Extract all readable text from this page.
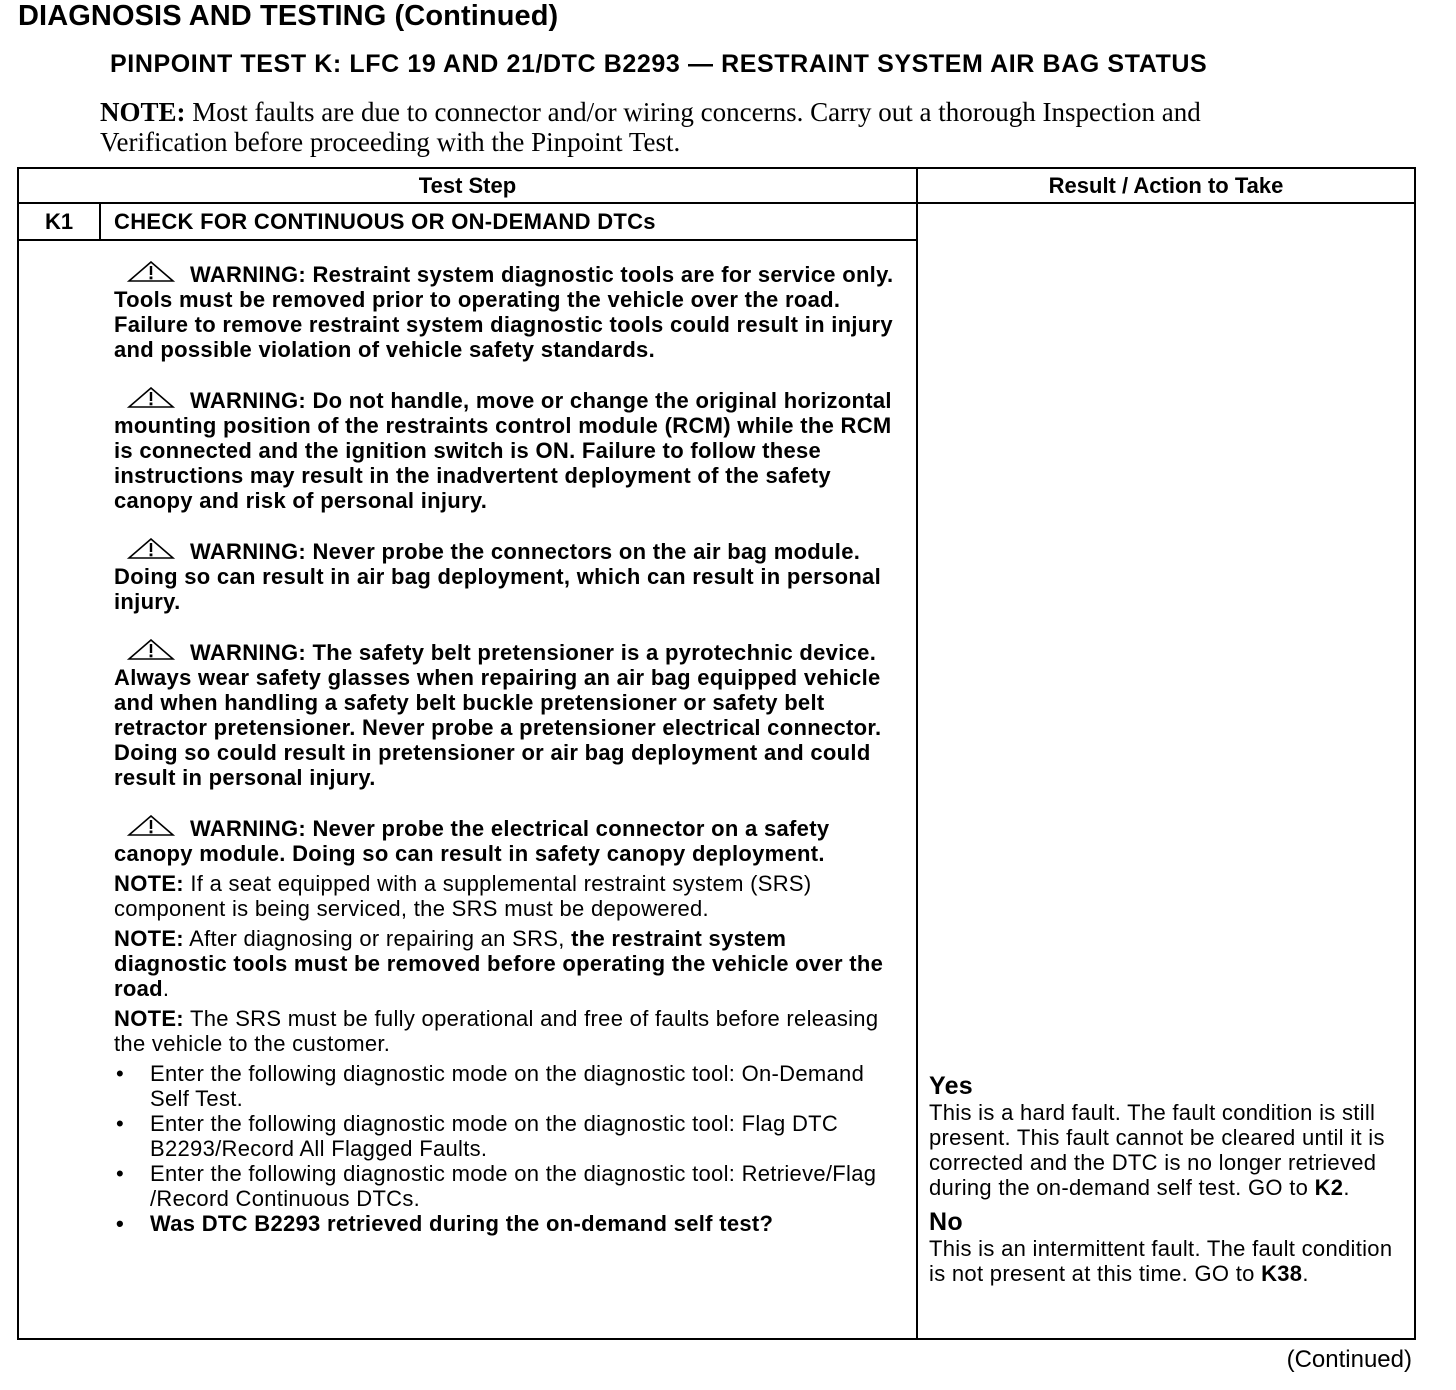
DIAGNOSIS AND TESTING (Continued)
PINPOINT TEST K: LFC 19 AND 21/DTC B2293 — RESTRAINT SYSTEM AIR BAG STATUS
NOTE: Most faults are due to connector and/or wiring concerns. Carry out a thorough Inspection and Verification before proceeding with the Pinpoint Test.
Test Step	Result / Action to Take
K1	CHECK FOR CONTINUOUS OR ON-DEMAND DTCs
WARNING: Restraint system diagnostic tools are for service only. Tools must be removed prior to operating the vehicle over the road. Failure to remove restraint system diagnostic tools could result in injury and possible violation of vehicle safety standards.
WARNING: Do not handle, move or change the original horizontal mounting position of the restraints control module (RCM) while the RCM is connected and the ignition switch is ON. Failure to follow these instructions may result in the inadvertent deployment of the safety canopy and risk of personal injury.
WARNING: Never probe the connectors on the air bag module. Doing so can result in air bag deployment, which can result in personal injury.
WARNING: The safety belt pretensioner is a pyrotechnic device. Always wear safety glasses when repairing an air bag equipped vehicle and when handling a safety belt buckle pretensioner or safety belt retractor pretensioner. Never probe a pretensioner electrical connector. Doing so could result in pretensioner or air bag deployment and could result in personal injury.
WARNING: Never probe the electrical connector on a safety canopy module. Doing so can result in safety canopy deployment.
NOTE: If a seat equipped with a supplemental restraint system (SRS) component is being serviced, the SRS must be depowered.
NOTE: After diagnosing or repairing an SRS, the restraint system diagnostic tools must be removed before operating the vehicle over the road.
NOTE: The SRS must be fully operational and free of faults before releasing the vehicle to the customer.
• Enter the following diagnostic mode on the diagnostic tool: On-Demand Self Test.
• Enter the following diagnostic mode on the diagnostic tool: Flag DTC B2293/Record All Flagged Faults.
• Enter the following diagnostic mode on the diagnostic tool: Retrieve/Flag /Record Continuous DTCs.
• Was DTC B2293 retrieved during the on-demand self test?
Yes
This is a hard fault. The fault condition is still present. This fault cannot be cleared until it is corrected and the DTC is no longer retrieved during the on-demand self test. GO to K2.
No
This is an intermittent fault. The fault condition is not present at this time. GO to K38.
(Continued)
